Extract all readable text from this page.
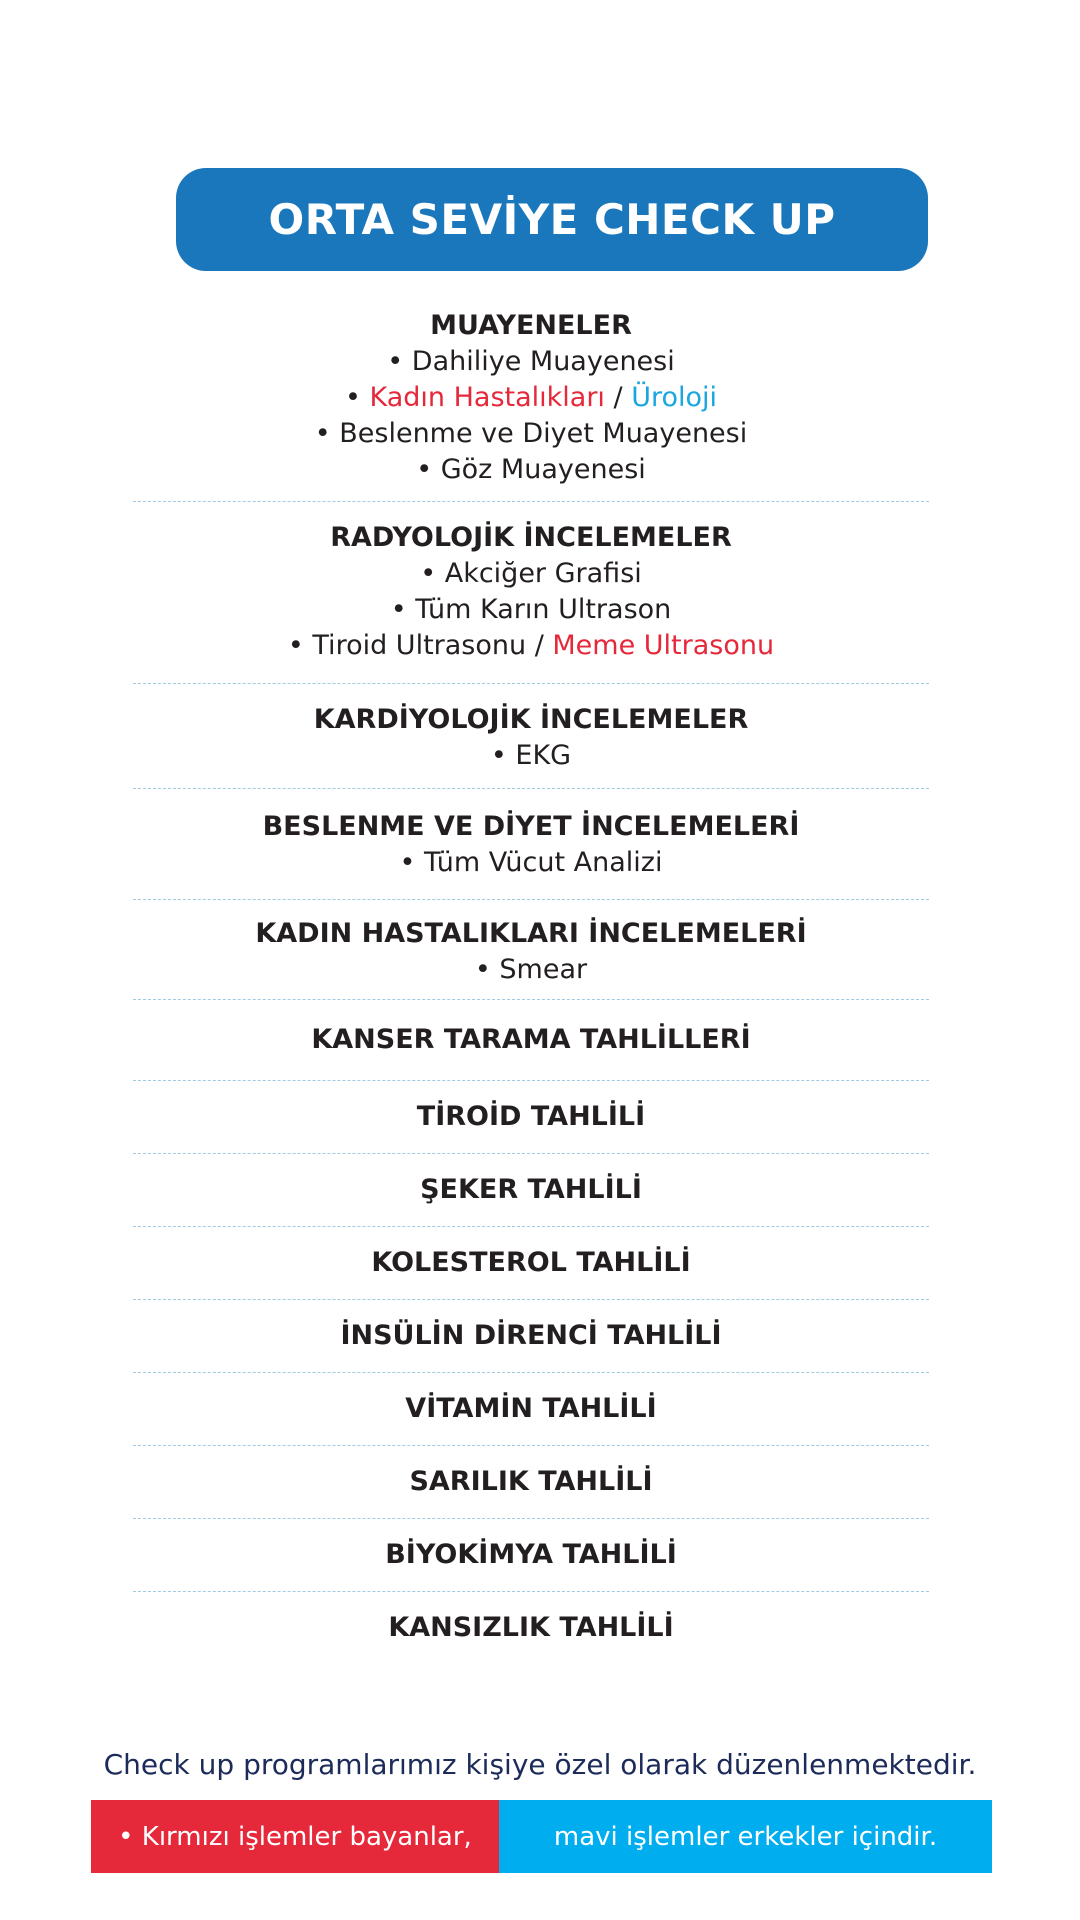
ORTA SEVİYE CHECK UP
MUAYENELER
• Dahiliye Muayenesi
• Kadın Hastalıkları / Üroloji
• Beslenme ve Diyet Muayenesi
• Göz Muayenesi
RADYOLOJİK İNCELEMELER
• Akciğer Grafisi
• Tüm Karın Ultrason
• Tiroid Ultrasonu / Meme Ultrasonu
KARDİYOLOJİK İNCELEMELER
• EKG
BESLENME VE DİYET İNCELEMELERİ
• Tüm Vücut Analizi
KADIN HASTALIKLARI İNCELEMELERİ
• Smear
KANSER TARAMA TAHLİLLERİ
TİROİD TAHLİLİ
ŞEKER TAHLİLİ
KOLESTEROL TAHLİLİ
İNSÜLİN DİRENCİ TAHLİLİ
VİTAMİN TAHLİLİ
SARILIK TAHLİLİ
BİYOKİMYA TAHLİLİ
KANSIZLIK TAHLİLİ
Check up programlarımız kişiye özel olarak düzenlenmektedir.
• Kırmızı işlemler bayanlar,	mavi işlemler erkekler içindir.
